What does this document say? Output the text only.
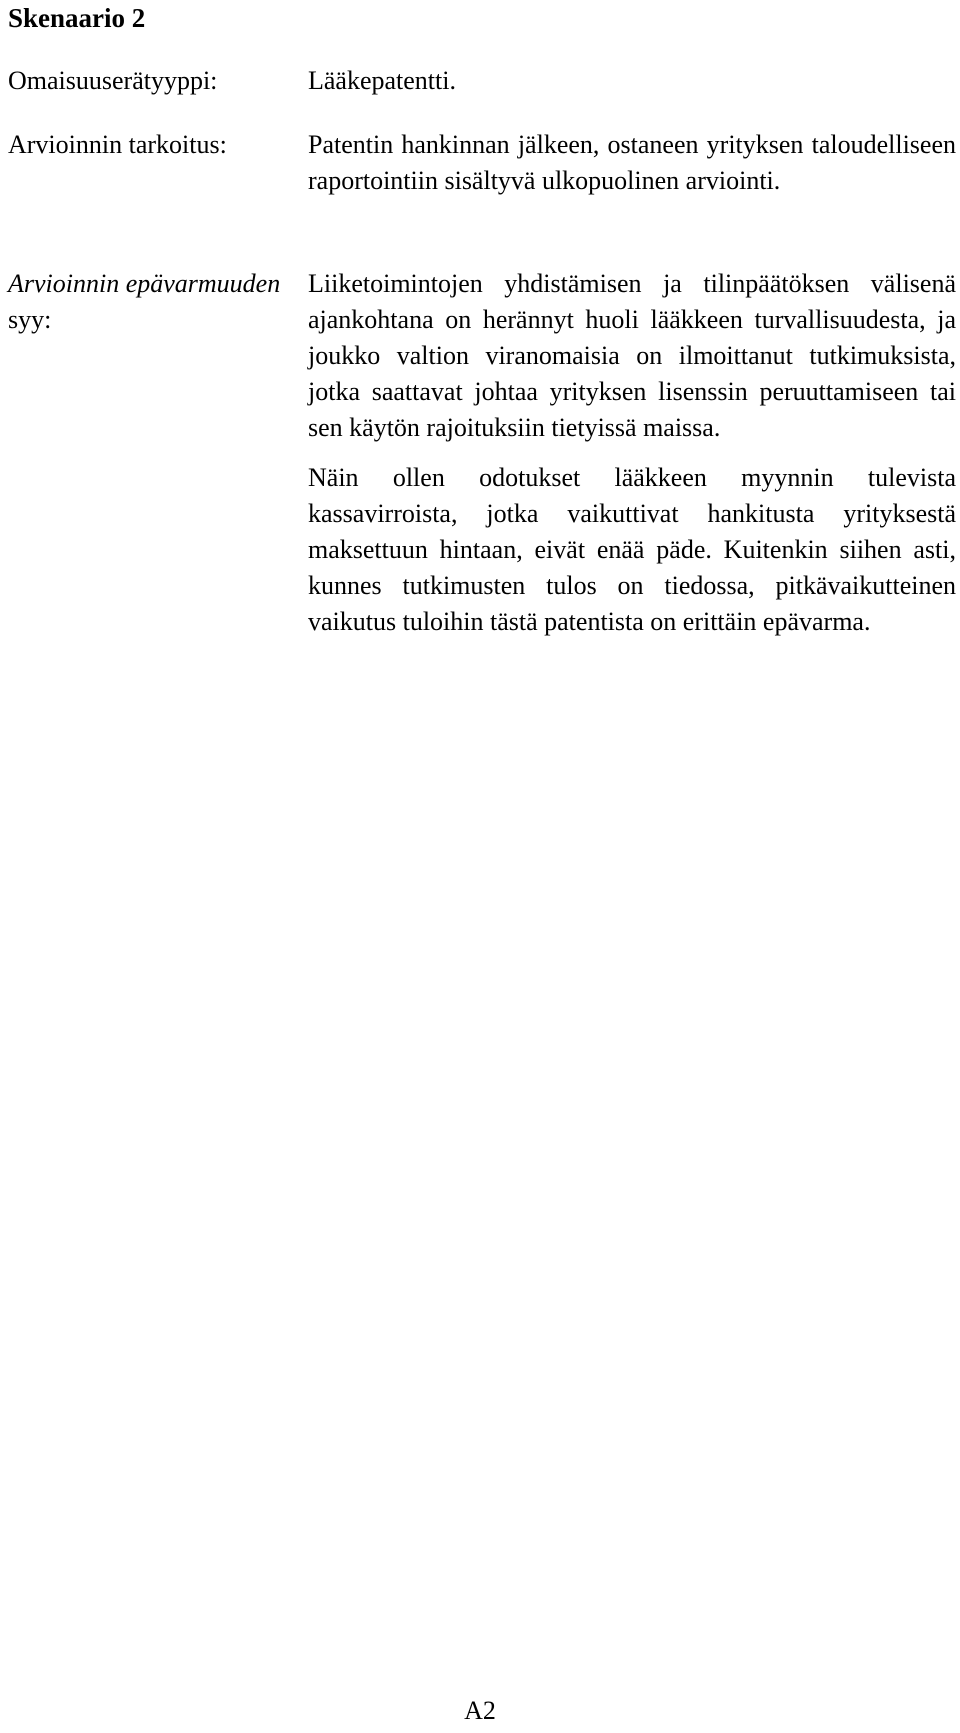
Skenaario 2
Omaisuuserätyyppi:	Lääkepatentti.

Arvioinnin tarkoitus:	Patentin hankinnan jälkeen, ostaneen yrityksen taloudelliseen raportointiin sisältyvä ulkopuolinen arviointi.

Arvioinnin epävarmuuden syy:

Liiketoimintojen yhdistämisen ja tilinpäätöksen välisenä ajankohtana on herännyt huoli lääkkeen turvallisuudesta, ja joukko valtion viranomaisia on ilmoittanut tutkimuksista, jotka saattavat johtaa yrityksen lisenssin peruuttamiseen tai sen käytön rajoituksiin tietyissä maissa.

Näin ollen odotukset lääkkeen myynnin tulevista kassavirroista, jotka vaikuttivat hankitusta yrityksestä maksettuun hintaan, eivät enää päde. Kuitenkin siihen asti, kunnes tutkimusten tulos on tiedossa, pitkävaikutteinen vaikutus tuloihin tästä patentista on erittäin epävarma.

A2
